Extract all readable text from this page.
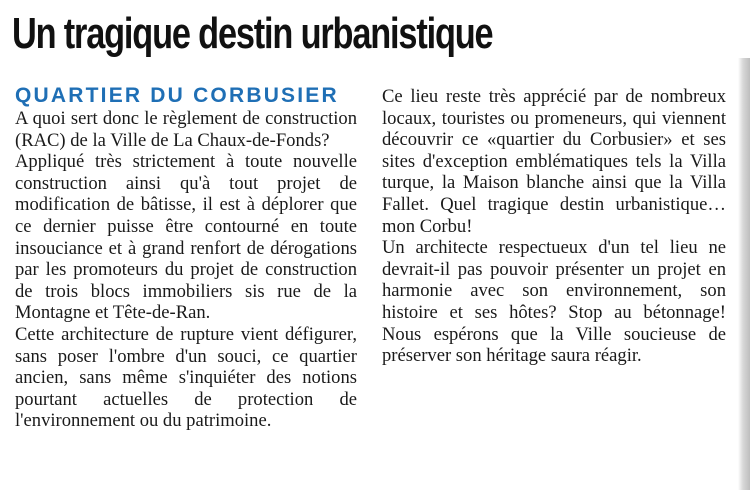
Un tragique destin urbanistique

QUARTIER DU CORBUSIER

A quoi sert donc le règlement de construction (RAC) de la Ville de La Chaux-de-Fonds?

Appliqué très strictement à toute nouvelle construction ainsi qu'à tout projet de modification de bâtisse, il est à déplorer que ce dernier puisse être contourné en toute insouciance et à grand renfort de dérogations par les promoteurs du projet de construction de trois blocs immobiliers sis rue de la Montagne et Tête-de-Ran.

Cette architecture de rupture vient défigurer, sans poser l'ombre d'un souci, ce quartier ancien, sans même s'inquiéter des notions pourtant actuelles de protection de l'environnement ou du patrimoine.

Ce lieu reste très apprécié par de nombreux locaux, touristes ou promeneurs, qui viennent découvrir ce «quartier du Corbusier» et ses sites d'exception emblématiques tels la Villa turque, la Maison blanche ainsi que la Villa Fallet. Quel tragique destin urbanistique… mon Corbu!

Un architecte respectueux d'un tel lieu ne devrait-il pas pouvoir présenter un projet en harmonie avec son environnement, son histoire et ses hôtes? Stop au bétonnage! Nous espérons que la Ville soucieuse de préserver son héritage saura réagir.
